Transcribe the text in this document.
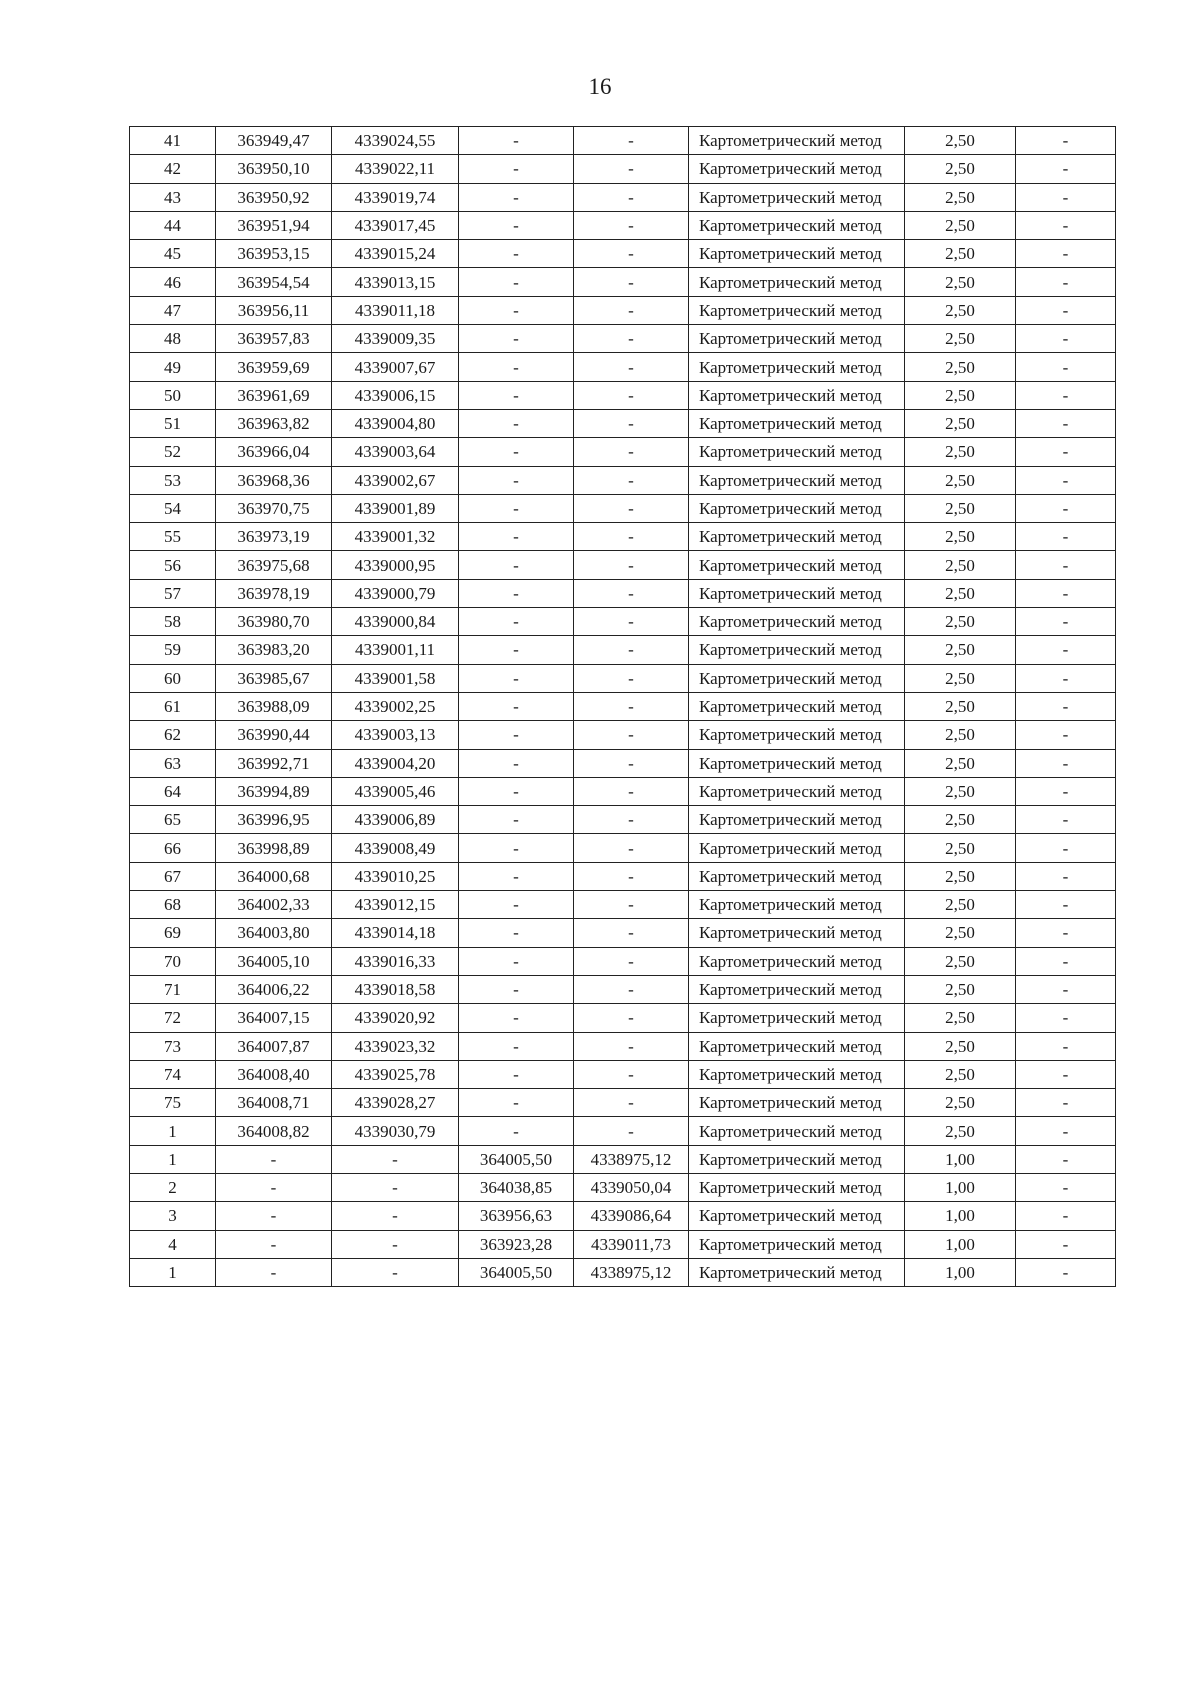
16
41	363949,47	4339024,55	-	-	Картометрический метод	2,50	-
42	363950,10	4339022,11	-	-	Картометрический метод	2,50	-
43	363950,92	4339019,74	-	-	Картометрический метод	2,50	-
44	363951,94	4339017,45	-	-	Картометрический метод	2,50	-
45	363953,15	4339015,24	-	-	Картометрический метод	2,50	-
46	363954,54	4339013,15	-	-	Картометрический метод	2,50	-
47	363956,11	4339011,18	-	-	Картометрический метод	2,50	-
48	363957,83	4339009,35	-	-	Картометрический метод	2,50	-
49	363959,69	4339007,67	-	-	Картометрический метод	2,50	-
50	363961,69	4339006,15	-	-	Картометрический метод	2,50	-
51	363963,82	4339004,80	-	-	Картометрический метод	2,50	-
52	363966,04	4339003,64	-	-	Картометрический метод	2,50	-
53	363968,36	4339002,67	-	-	Картометрический метод	2,50	-
54	363970,75	4339001,89	-	-	Картометрический метод	2,50	-
55	363973,19	4339001,32	-	-	Картометрический метод	2,50	-
56	363975,68	4339000,95	-	-	Картометрический метод	2,50	-
57	363978,19	4339000,79	-	-	Картометрический метод	2,50	-
58	363980,70	4339000,84	-	-	Картометрический метод	2,50	-
59	363983,20	4339001,11	-	-	Картометрический метод	2,50	-
60	363985,67	4339001,58	-	-	Картометрический метод	2,50	-
61	363988,09	4339002,25	-	-	Картометрический метод	2,50	-
62	363990,44	4339003,13	-	-	Картометрический метод	2,50	-
63	363992,71	4339004,20	-	-	Картометрический метод	2,50	-
64	363994,89	4339005,46	-	-	Картометрический метод	2,50	-
65	363996,95	4339006,89	-	-	Картометрический метод	2,50	-
66	363998,89	4339008,49	-	-	Картометрический метод	2,50	-
67	364000,68	4339010,25	-	-	Картометрический метод	2,50	-
68	364002,33	4339012,15	-	-	Картометрический метод	2,50	-
69	364003,80	4339014,18	-	-	Картометрический метод	2,50	-
70	364005,10	4339016,33	-	-	Картометрический метод	2,50	-
71	364006,22	4339018,58	-	-	Картометрический метод	2,50	-
72	364007,15	4339020,92	-	-	Картометрический метод	2,50	-
73	364007,87	4339023,32	-	-	Картометрический метод	2,50	-
74	364008,40	4339025,78	-	-	Картометрический метод	2,50	-
75	364008,71	4339028,27	-	-	Картометрический метод	2,50	-
1	364008,82	4339030,79	-	-	Картометрический метод	2,50	-
1	-	-	364005,50	4338975,12	Картометрический метод	1,00	-
2	-	-	364038,85	4339050,04	Картометрический метод	1,00	-
3	-	-	363956,63	4339086,64	Картометрический метод	1,00	-
4	-	-	363923,28	4339011,73	Картометрический метод	1,00	-
1	-	-	364005,50	4338975,12	Картометрический метод	1,00	-
